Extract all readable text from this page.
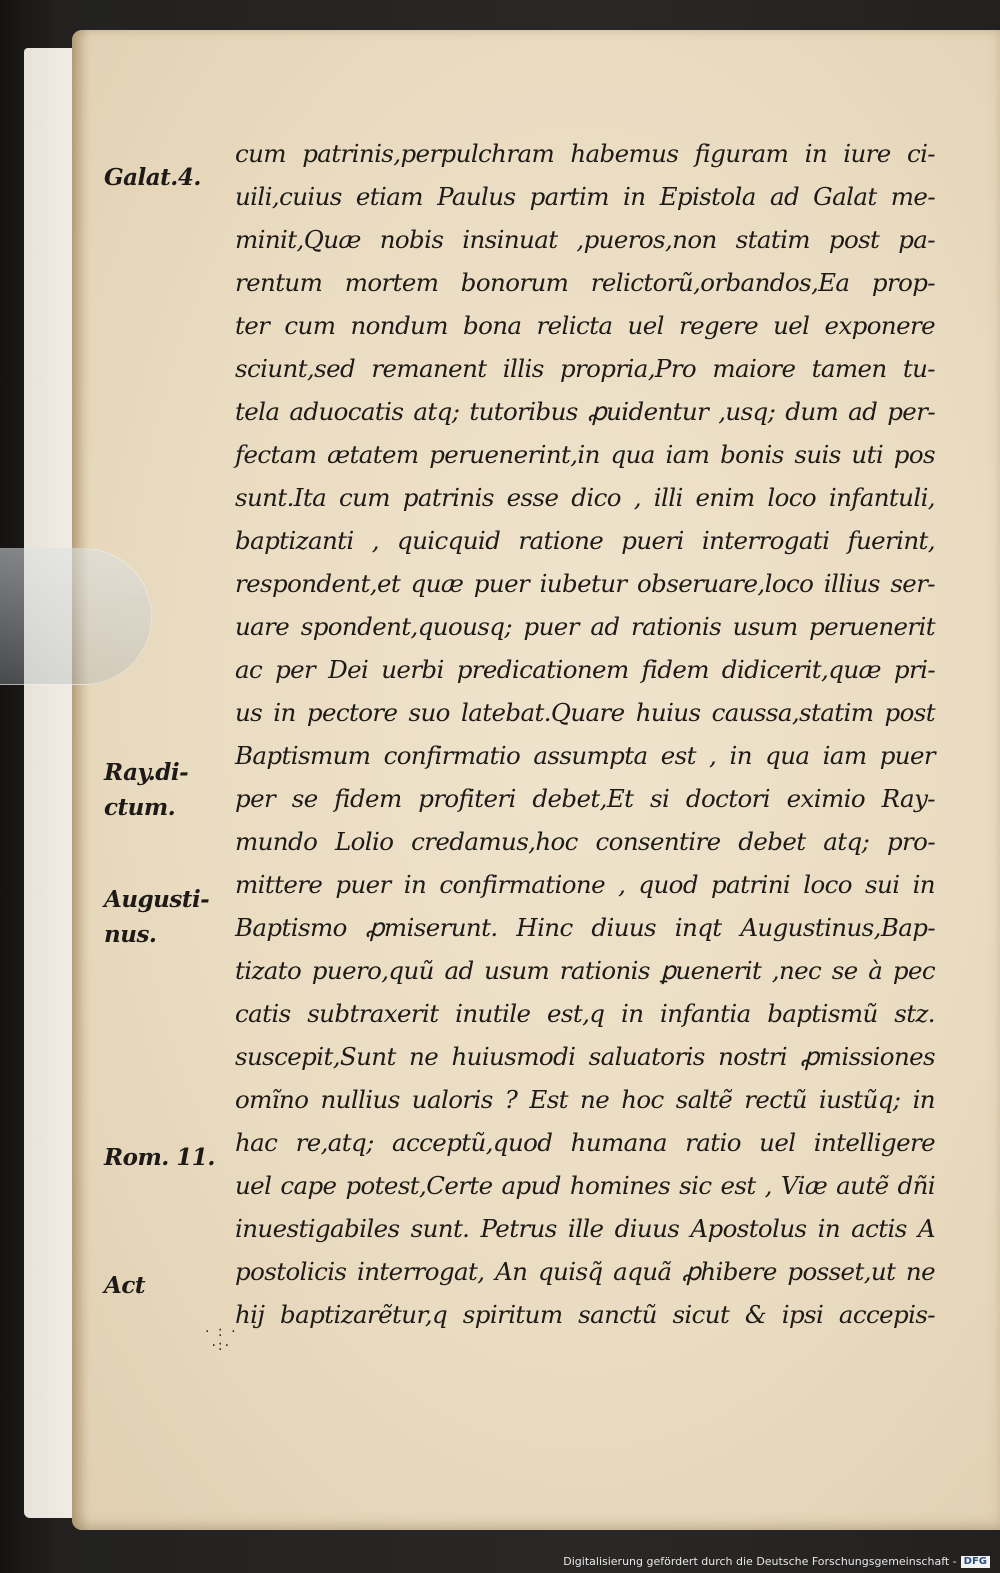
cum patrinis,perpulchram habemus figuram in iure ci-
uili,cuius etiam Paulus partim in Epistola ad Galat me-
minit,Quæ nobis insinuat ,pueros,non statim post pa-
rentum mortem bonorum relictorũ,orbandos,Ea prop-
ter cum nondum bona relicta uel regere uel exponere
sciunt,sed remanent illis propria,Pro maiore tamen tu-
tela aduocatis atq; tutoribus ꝓuidentur ,usq; dum ad per-
fectam ætatem peruenerint,in qua iam bonis suis uti pos
sunt.Ita cum patrinis esse dico , illi enim loco infantuli,
baptizanti , quicquid ratione pueri interrogati fuerint,
respondent,et quæ puer iubetur obseruare,loco illius ser-
uare spondent,quousq; puer ad rationis usum peruenerit
ac per Dei uerbi predicationem fidem didicerit,quæ pri-
us in pectore suo latebat.Quare huius caussa,statim post
Baptismum confirmatio assumpta est , in qua iam puer
per se fidem profiteri debet,Et si doctori eximio Ray-
mundo Lolio credamus,hoc consentire debet atq; pro-
mittere puer in confirmatione , quod patrini loco sui in
Baptismo ꝓmiserunt. Hinc diuus inqt Augustinus,Bap-
tizato puero,quũ ad usum rationis ꝑuenerit ,nec se à pec
catis subtraxerit inutile est,q in infantia baptismũ stz.
suscepit,Sunt ne huiusmodi saluatoris nostri ꝓmissiones
omĩno nullius ualoris ? Est ne hoc saltẽ rectũ iustũq; in
hac re,atq; acceptũ,quod humana ratio uel intelligere
uel cape potest,Certe apud homines sic est , Viæ autẽ dñi
inuestigabiles sunt. Petrus ille diuus Apostolus in actis A
postolicis interrogat, An quisq̃ aquã ꝓhibere posset,ut ne
hij baptizarẽtur,q spiritum sanctũ sicut & ipsi accepis-
Galat.4.
Ray.di-
ctum.
Augusti-
nus.
Rom. 11.
Act
· : ·
·:·
Digitalisierung gefördert durch die Deutsche Forschungsgemeinschaft - DFG
